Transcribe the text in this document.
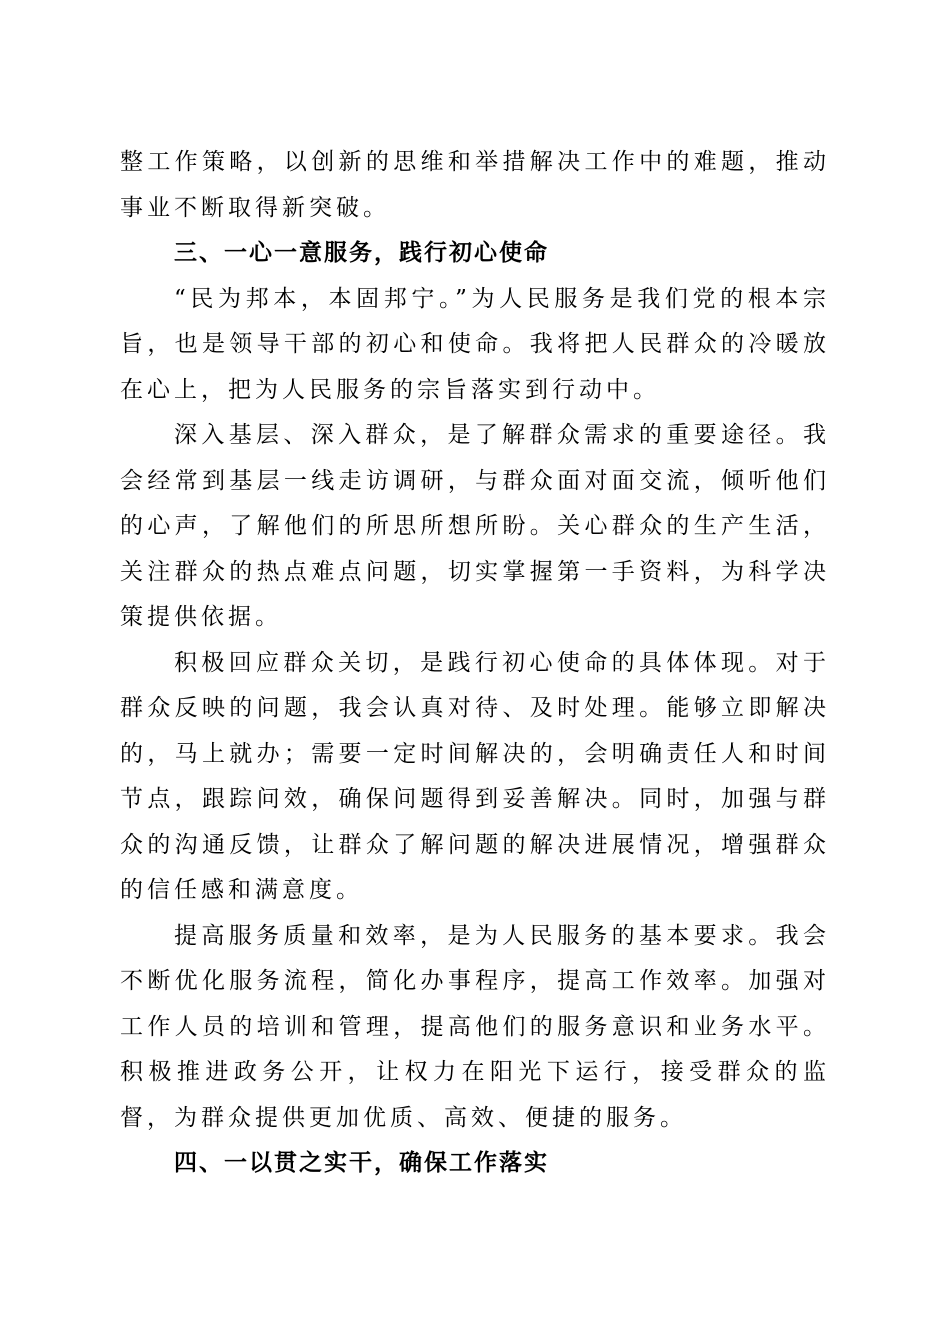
整工作策略，以创新的思维和举措解决工作中的难题，推动事业不断取得新突破。

三、一心一意服务，践行初心使命

“民为邦本，本固邦宁。”为人民服务是我们党的根本宗旨，也是领导干部的初心和使命。我将把人民群众的冷暖放在心上，把为人民服务的宗旨落实到行动中。

深入基层、深入群众，是了解群众需求的重要途径。我会经常到基层一线走访调研，与群众面对面交流，倾听他们的心声，了解他们的所思所想所盼。关心群众的生产生活，关注群众的热点难点问题，切实掌握第一手资料，为科学决策提供依据。

积极回应群众关切，是践行初心使命的具体体现。对于群众反映的问题，我会认真对待、及时处理。能够立即解决的，马上就办；需要一定时间解决的，会明确责任人和时间节点，跟踪问效，确保问题得到妥善解决。同时，加强与群众的沟通反馈，让群众了解问题的解决进展情况，增强群众的信任感和满意度。

提高服务质量和效率，是为人民服务的基本要求。我会不断优化服务流程，简化办事程序，提高工作效率。加强对工作人员的培训和管理，提高他们的服务意识和业务水平。积极推进政务公开，让权力在阳光下运行，接受群众的监督，为群众提供更加优质、高效、便捷的服务。

四、一以贯之实干，确保工作落实
